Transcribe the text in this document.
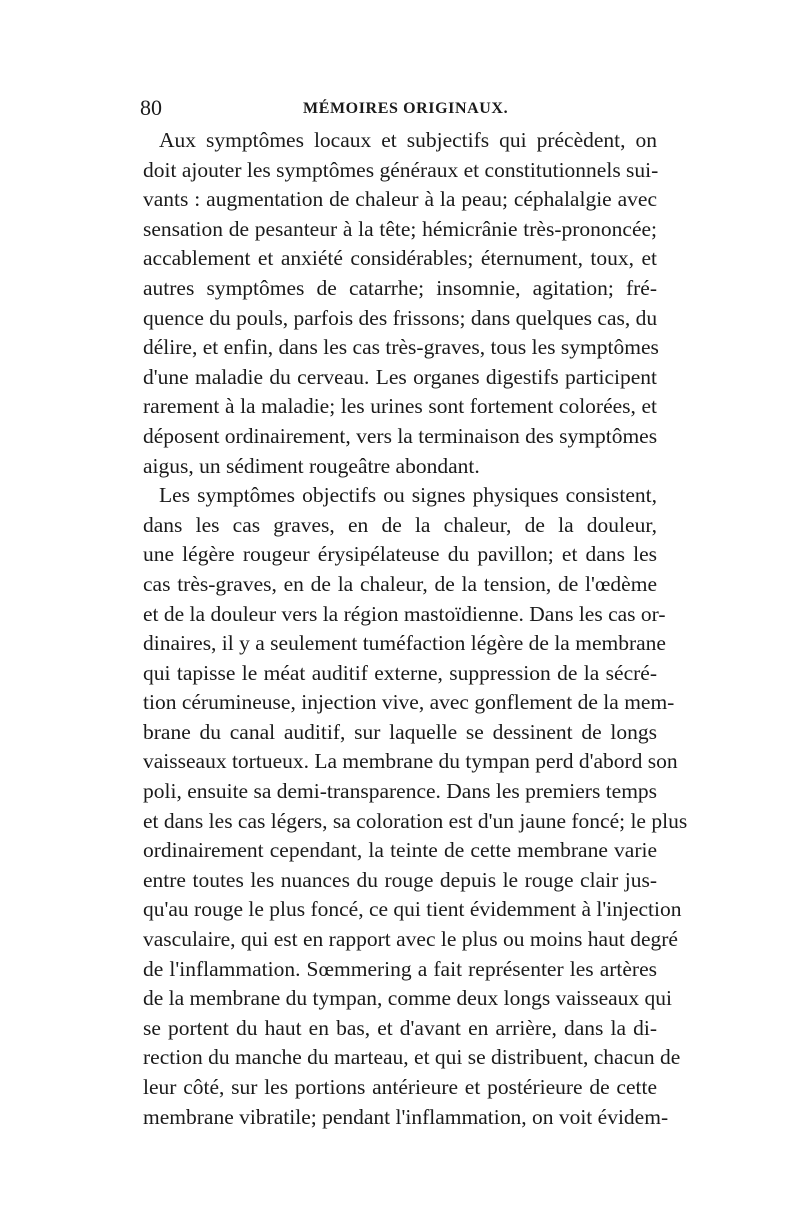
80	MÉMOIRES ORIGINAUX.
Aux symptômes locaux et subjectifs qui précèdent, on
doit ajouter les symptômes généraux et constitutionnels sui-
vants : augmentation de chaleur à la peau; céphalalgie avec
sensation de pesanteur à la tête; hémicrânie très-prononcée;
accablement et anxiété considérables; éternument, toux, et
autres symptômes de catarrhe; insomnie, agitation; fré-
quence du pouls, parfois des frissons; dans quelques cas, du
délire, et enfin, dans les cas très-graves, tous les symptômes
d'une maladie du cerveau. Les organes digestifs participent
rarement à la maladie; les urines sont fortement colorées, et
déposent ordinairement, vers la terminaison des symptômes
aigus, un sédiment rougeâtre abondant.
Les symptômes objectifs ou signes physiques consistent,
dans les cas graves, en de la chaleur, de la douleur,
une légère rougeur érysipélateuse du pavillon; et dans les
cas très-graves, en de la chaleur, de la tension, de l'œdème
et de la douleur vers la région mastoïdienne. Dans les cas or-
dinaires, il y a seulement tuméfaction légère de la membrane
qui tapisse le méat auditif externe, suppression de la sécré-
tion cérumineuse, injection vive, avec gonflement de la mem-
brane du canal auditif, sur laquelle se dessinent de longs
vaisseaux tortueux. La membrane du tympan perd d'abord son
poli, ensuite sa demi-transparence. Dans les premiers temps
et dans les cas légers, sa coloration est d'un jaune foncé; le plus
ordinairement cependant, la teinte de cette membrane varie
entre toutes les nuances du rouge depuis le rouge clair jus-
qu'au rouge le plus foncé, ce qui tient évidemment à l'injection
vasculaire, qui est en rapport avec le plus ou moins haut degré
de l'inflammation. Sœmmering a fait représenter les artères
de la membrane du tympan, comme deux longs vaisseaux qui
se portent du haut en bas, et d'avant en arrière, dans la di-
rection du manche du marteau, et qui se distribuent, chacun de
leur côté, sur les portions antérieure et postérieure de cette
membrane vibratile; pendant l'inflammation, on voit évidem-
